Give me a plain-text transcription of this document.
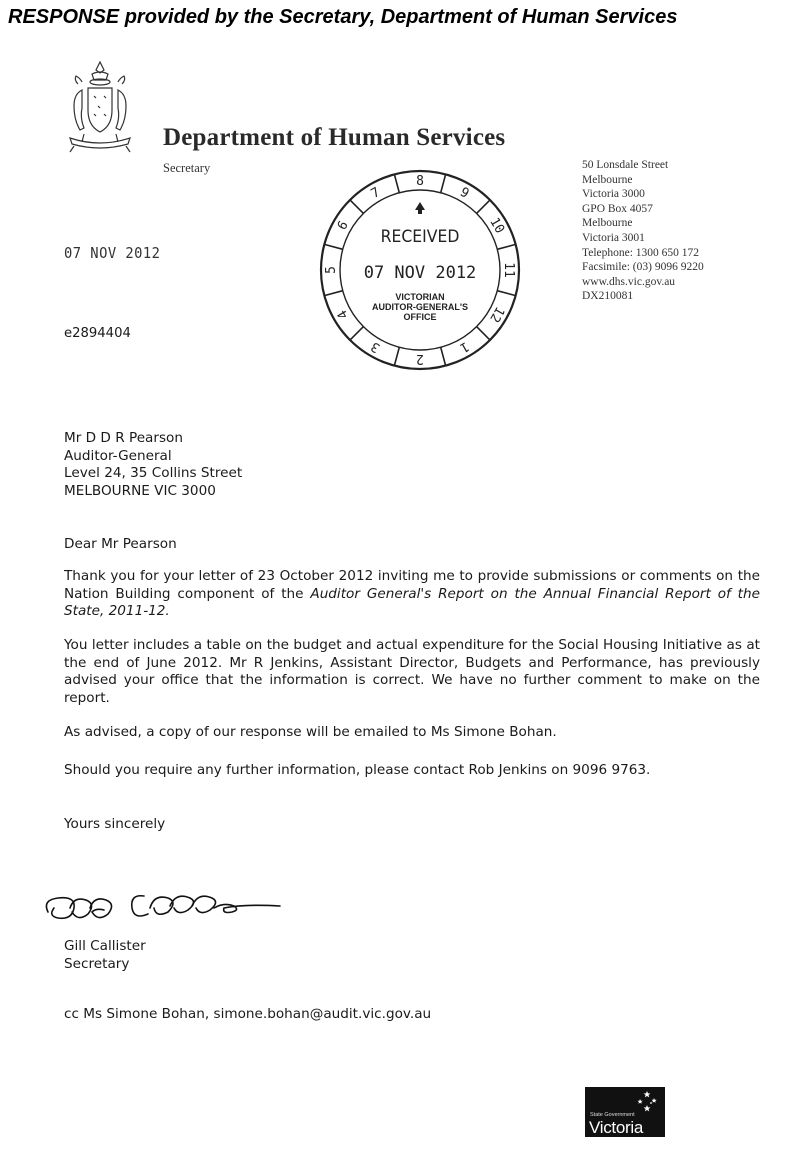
RESPONSE provided by the Secretary, Department of Human Services
Department of Human Services
Secretary	50 Lonsdale Street
Melbourne
Victoria 3000
GPO Box 4057
Melbourne
Victoria 3001
Telephone: 1300 650 172
Facsimile: (03) 9096 9220
www.dhs.vic.gov.au
DX210081
8
9
10
11
12
1
2
3
4
5
6
7
RECEIVED
07 NOV 2012
VICTORIAN
AUDITOR-GENERAL'S
OFFICE
07 NOV 2012
e2894404
Mr D D R Pearson
Auditor-General
Level 24, 35 Collins Street
MELBOURNE VIC 3000
Dear Mr Pearson
Thank you for your letter of 23 October 2012 inviting me to provide submissions or comments on the Nation Building component of the Auditor General's Report on the Annual Financial Report of the State, 2011-12.
You letter includes a table on the budget and actual expenditure for the Social Housing Initiative as at the end of June 2012. Mr R Jenkins, Assistant Director, Budgets and Performance, has previously advised your office that the information is correct. We have no further comment to make on the report.
As advised, a copy of our response will be emailed to Ms Simone Bohan.
Should you require any further information, please contact Rob Jenkins on 9096 9763.
Yours sincerely
Gill Callister
Secretary
cc Ms Simone Bohan, simone.bohan@audit.vic.gov.au
State Government
Victoria
